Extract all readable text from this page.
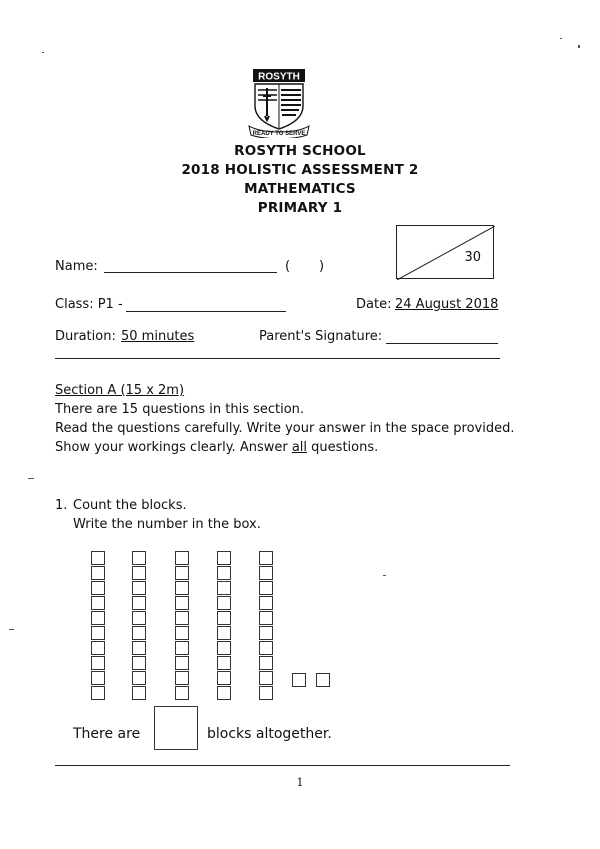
ROSYTH
READY TO SERVE
ROSYTH SCHOOL
2018 HOLISTIC ASSESSMENT 2
MATHEMATICS
PRIMARY 1
30
Name:	(       )
Class: P1 -	Date: 24 August 2018
Duration: 50 minutes	Parent's Signature:
Section A (15 x 2m)
There are 15 questions in this section.
Read the questions carefully. Write your answer in the space provided.
Show your workings clearly. Answer all questions.
1. Count the blocks.
Write the number in the box.
There are	blocks altogether.
1
